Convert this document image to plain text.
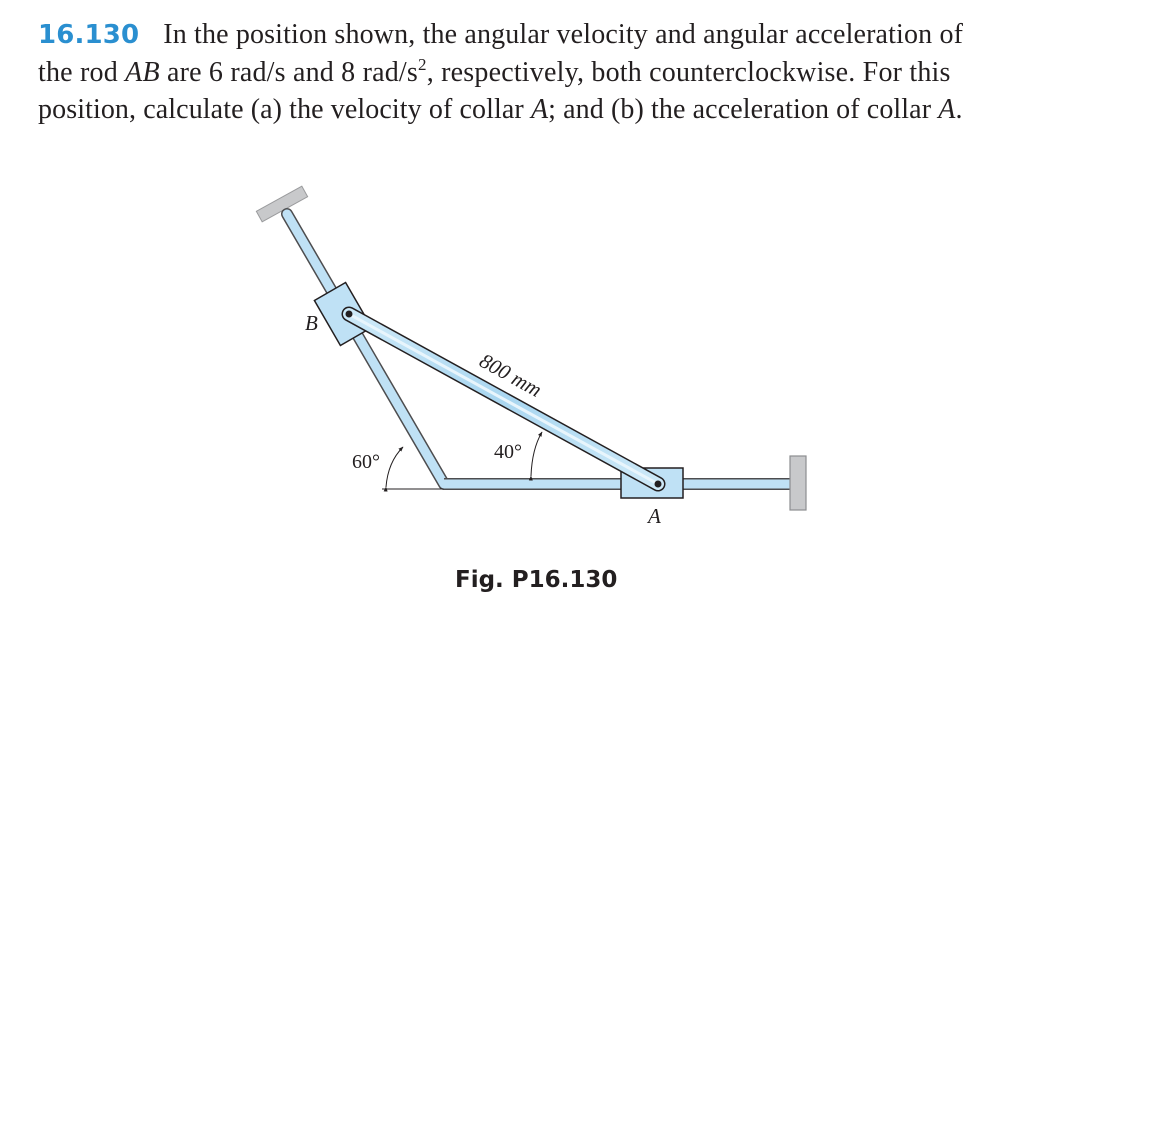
16.130 In the position shown, the angular velocity and angular acceleration of
the rod AB are 6 rad/s and 8 rad/$s^2$, respectively, both counterclockwise. For this
position, calculate (a) the velocity of collar A; and (b) the acceleration of collar A.
B
A
800 mm
60°	40°
Fig. P16.130
